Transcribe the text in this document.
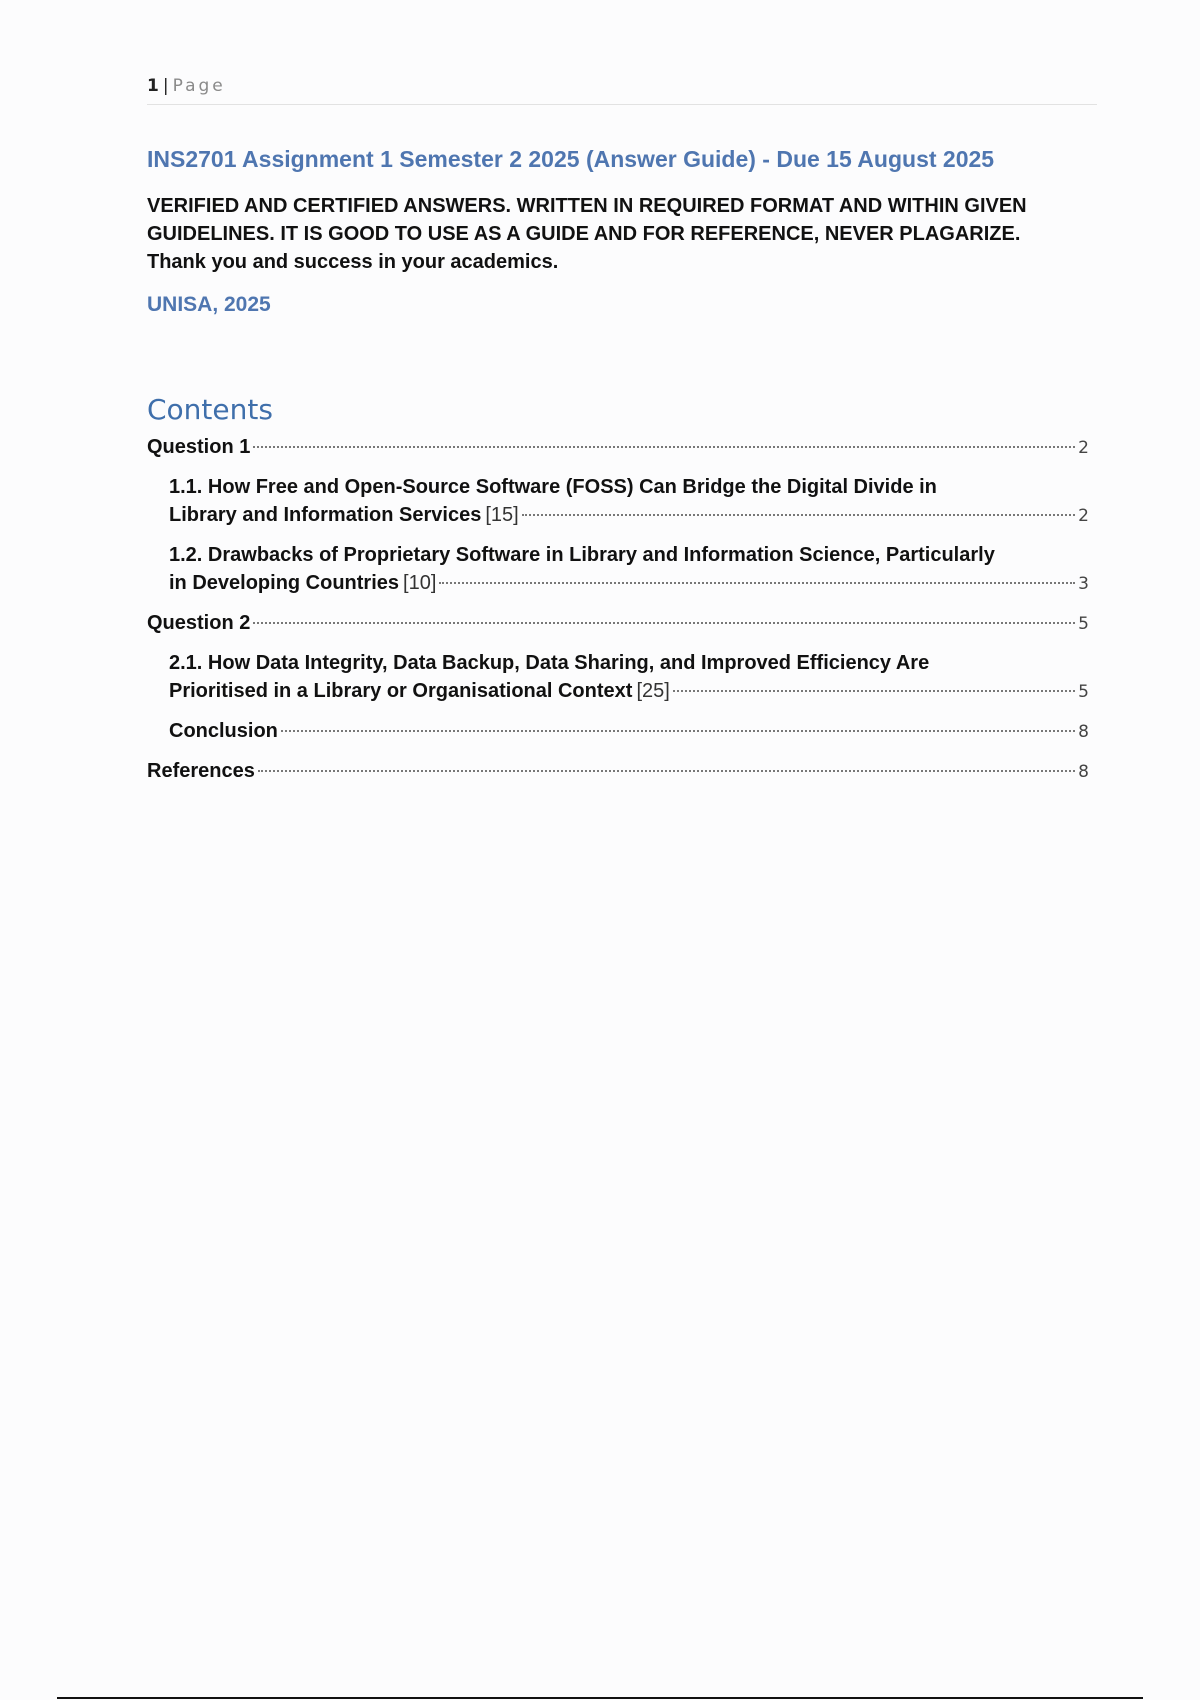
1 | Page
INS2701 Assignment 1 Semester 2 2025 (Answer Guide) - Due 15 August 2025

VERIFIED AND CERTIFIED ANSWERS. WRITTEN IN REQUIRED FORMAT AND WITHIN GIVEN GUIDELINES. IT IS GOOD TO USE AS A GUIDE AND FOR REFERENCE, NEVER PLAGARIZE. Thank you and success in your academics.

UNISA, 2025

Contents
Question 1	2
1.1. How Free and Open-Source Software (FOSS) Can Bridge the Digital Divide in
Library and Information Services [15]	2
1.2. Drawbacks of Proprietary Software in Library and Information Science, Particularly
in Developing Countries [10]	3
Question 2	5
2.1. How Data Integrity, Data Backup, Data Sharing, and Improved Efficiency Are
Prioritised in a Library or Organisational Context [25]	5
Conclusion	8
References	8
